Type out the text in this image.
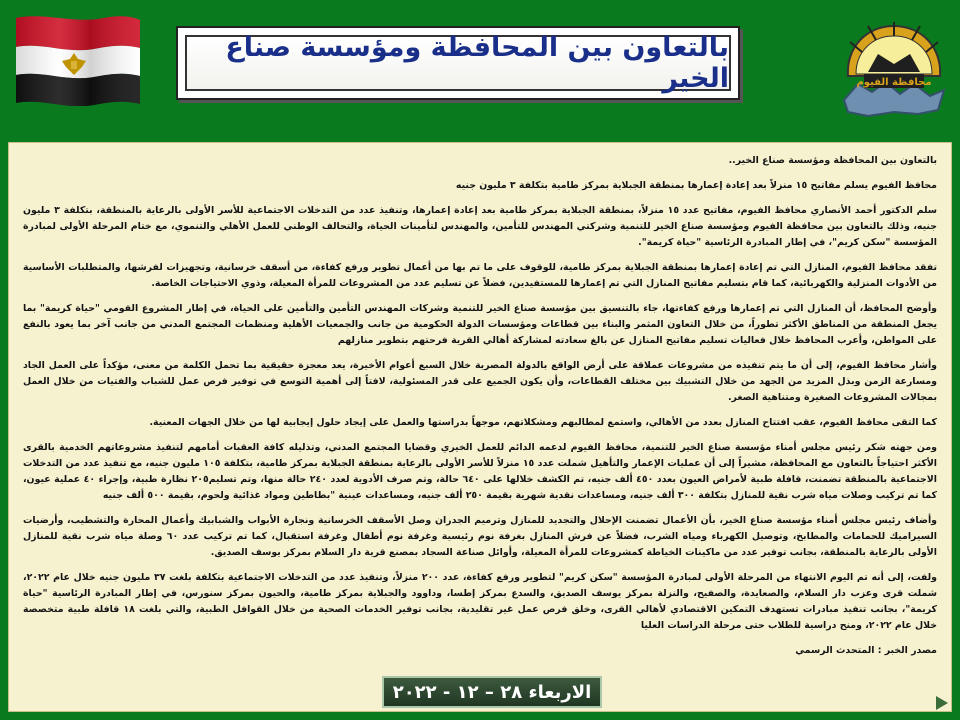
بالتعاون بين المحافظة ومؤسسة صناع الخير	محافظة الفيوم

بالتعاون بين المحافظة ومؤسسة صناع الخير..

محافظ الفيوم يسلم مفاتيح ١٥ منزلاً بعد إعادة إعمارها بمنطقة الجبلاية بمركز طامية بتكلفة ٣ مليون جنيه

سلم الدكتور أحمد الأنصاري محافظ الفيوم، مفاتيح عدد ١٥ منزلاً، بمنطقة الجبلاية بمركز طامية بعد إعادة إعمارها، وتنفيذ عدد من التدخلات الاجتماعية للأسر الأولى بالرعاية بالمنطقة، بتكلفة ٣ مليون جنيه، وذلك بالتعاون بين محافظة الفيوم ومؤسسة صناع الخير للتنمية وشركتي المهندس للتأمين، والمهندس لتأمينات الحياة، والتحالف الوطني للعمل الأهلي والتنموي، مع ختام المرحلة الأولى لمبادرة المؤسسة "سكن كريم"، في إطار المبادرة الرئاسية "حياة كريمة".

تفقد محافظ الفيوم، المنازل التي تم إعادة إعمارها بمنطقة الجبلاية بمركز طامية، للوقوف على ما تم بها من أعمال تطوير ورفع كفاءة، من أسقف خرسانية، وتجهيزات لفرشها، والمتطلبات الأساسية من الأدوات المنزلية والكهربائية، كما قام بتسليم مفاتيح المنازل التي تم إعمارها للمستفيدين، فضلاً عن تسليم عدد من المشروعات للمرأة المعيلة، وذوي الاحتياجات الخاصة.

وأوضح المحافظ، أن المنازل التي تم إعمارها ورفع كفاءتها، جاء بالتنسيق بين مؤسسة صناع الخير للتنمية وشركات المهندس التأمين والتأمين على الحياة، في إطار المشروع القومي "حياة كريمة" بما يجعل المنطقة من المناطق الأكثر تطوراً، من خلال التعاون المثمر والبناء بين قطاعات ومؤسسات الدولة الحكومية من جانب والجمعيات الأهلية ومنظمات المجتمع المدني من جانب آخر بما يعود بالنفع على المواطن، وأعرب المحافظ خلال فعاليات تسليم مفاتيح المنازل عن بالغ سعادته لمشاركة أهالي القرية فرحتهم بتطوير منازلهم

وأشار محافظ الفيوم، إلى أن ما يتم تنفيذه من مشروعات عملاقة على أرض الواقع بالدولة المصرية خلال السبع أعوام الأخيرة، يعد معجزة حقيقية بما تحمل الكلمة من معنى، مؤكداً على العمل الجاد ومسارعة الزمن وبذل المزيد من الجهد من خلال التشبيك بين مختلف القطاعات، وأن يكون الجميع على قدر المسئولية، لافتاً إلى أهمية التوسع في توفير فرص عمل للشباب والفتيات من خلال العمل بمجالات المشروعات الصغيرة ومتناهية الصغر.

كما التقى محافظ الفيوم، عقب افتتاح المنازل بعدد من الأهالي، واستمع لمطالبهم ومشكلاتهم، موجهاً بدراستها والعمل على إيجاد حلول إيجابية لها من خلال الجهات المعنية.

ومن جهته شكر رئيس مجلس أمناء مؤسسة صناع الخير للتنمية، محافظ الفيوم لدعمه الدائم للعمل الخيري وقضايا المجتمع المدني، وتذليله كافة العقبات أمامهم لتنفيذ مشروعاتهم الخدمية بالقرى الأكثر احتياجاً بالتعاون مع المحافظة، مشيراً إلى أن عمليات الإعمار والتأهيل شملت عدد ١٥ منزلاً للأسر الأولى بالرعاية بمنطقة الجبلاية بمركز طامية، بتكلفة ١٠٥ مليون جنيه، مع تنفيذ عدد من التدخلات الاجتماعية بالمنطقة تضمنت، قافلة طبية لأمراض العيون بعدد ٤٥٠ ألف جنيه، تم الكشف خلالها على ٦٤٠ حالة، وتم صرف الأدوية لعدد ٢٤٠ حالة منها، وتم تسليم٢٠٥ نظارة طبية، وإجراء ٤٠ عملية عيون، كما تم تركيب وصلات مياه شرب نقية للمنازل بتكلفة ٣٠٠ ألف جنيه، ومساعدات نقدية شهرية بقيمة ٢٥٠ ألف جنيه، ومساعدات عينية "بطاطين ومواد غذائية ولحوم، بقيمة ٥٠٠ ألف جنيه

وأضاف رئيس مجلس أمناء مؤسسة صناع الخير، بأن الأعمال تضمنت الإحلال والتجديد للمنازل وترميم الجدران وصل الأسقف الخرسانية ونجارة الأبواب والشبابيك وأعمال المحارة والتشطيب، وأرضيات السيراميك للحمامات والمطابخ، وتوصيل الكهرباء ومياه الشرب، فضلاً عن فرش المنازل بغرفة نوم رئيسية وغرفة نوم أطفال وغرفة استقبال، كما تم تركيب عدد ٦٠ وصلة مياه شرب نقية للمنازل الأولى بالرعاية بالمنطقة، بجانب توفير عدد من ماكينات الخياطة كمشروعات للمرأة المعيلة، وأوائل صناعة السجاد بمصنع قرية دار السلام بمركز يوسف الصديق.

ولفت، إلى أنه تم اليوم الانتهاء من المرحلة الأولى لمبادرة المؤسسة "سكن كريم" لتطوير ورفع كفاءة، عدد ٢٠٠ منزلاً، وتنفيذ عدد من التدخلات الاجتماعية بتكلفة بلغت ٣٧ مليون جنيه خلال عام ٢٠٢٢، شملت قرى وعزب دار السلام، والصعايدة، والصفيح، والنزلة بمركز يوسف الصديق، والسدع بمركز إطسا، وداوود والجبلاية بمركز طامية، والحيون بمركز سنورس، في إطار المبادرة الرئاسية "حياة كريمة"، بجانب تنفيذ مبادرات تستهدف التمكين الاقتصادي لأهالي القرى، وخلق فرص عمل غير تقليدية، بجانب توفير الخدمات الصحية من خلال القوافل الطبية، والتي بلغت ١٨ قافلة طبية متخصصة خلال عام ٢٠٢٢، ومنح دراسية للطلاب حتى مرحلة الدراسات العليا

مصدر الخبر : المتحدث الرسمي

الاربعاء ٢٨ – ١٢ - ٢٠٢٢
